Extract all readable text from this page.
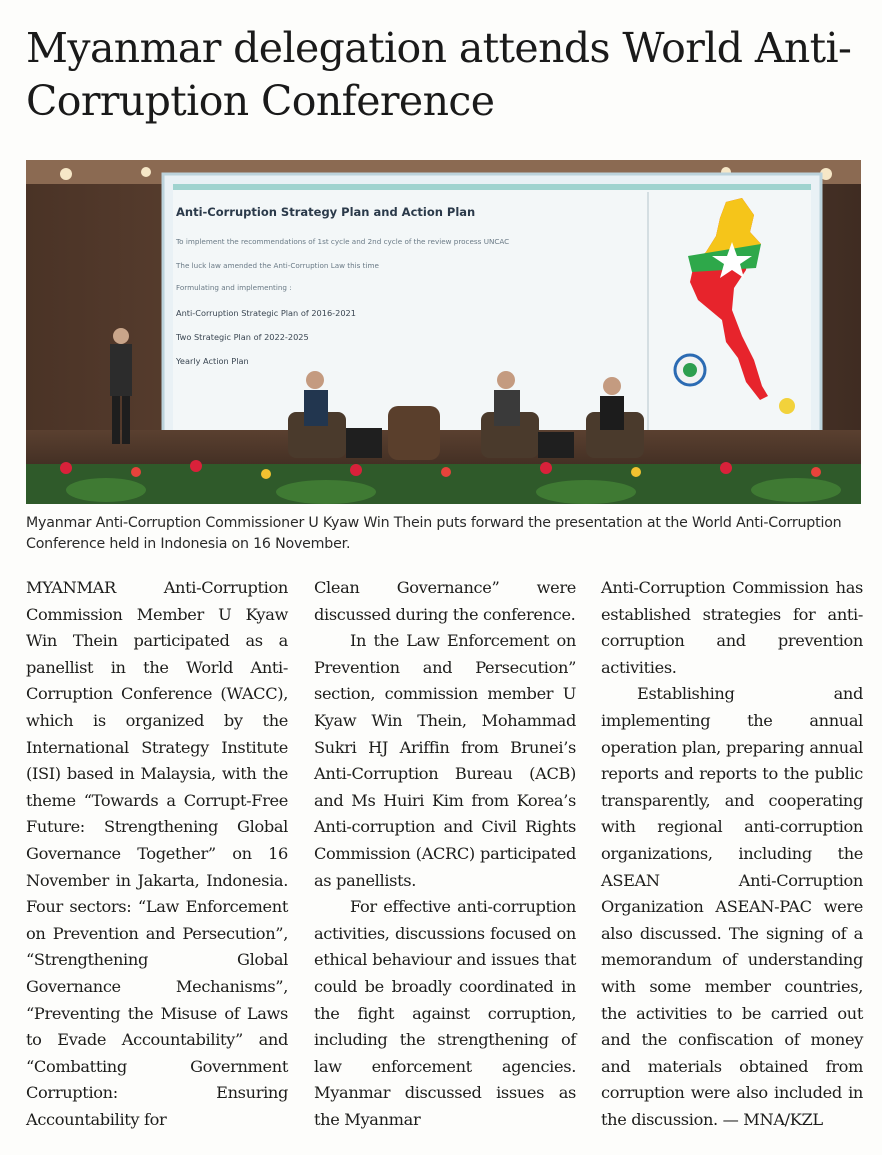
Myanmar delegation attends World Anti-Corruption Conference
Anti-Corruption Strategy Plan and Action Plan
To implement the recommendations of 1st cycle and 2nd cycle of the review process UNCAC
The luck law amended the Anti-Corruption Law this time
Formulating and implementing :
Anti-Corruption Strategic Plan of 2016-2021
Two Strategic Plan of 2022-2025
Yearly Action Plan
Myanmar Anti-Corruption Commissioner U Kyaw Win Thein puts forward the presentation at the World Anti-Corruption Conference held in Indonesia on 16 November.

MYANMAR Anti-Corruption Commission Member U Kyaw Win Thein participated as a panellist in the World Anti-Corruption Conference (WACC), which is organized by the International Strategy Institute (ISI) based in Malaysia, with the theme “Towards a Corrupt-Free Future: Strengthening Global Governance Together” on 16 November in Jakarta, Indonesia. Four sectors: “Law Enforcement on Prevention and Persecution”, “Strengthening Global Governance Mechanisms”, “Preventing the Misuse of Laws to Evade Accountability” and “Combatting Government Corruption: Ensuring Accountability for

Clean Governance” were discussed during the conference.

In the Law Enforcement on Prevention and Persecution” section, commission member U Kyaw Win Thein, Mohammad Sukri HJ Ariffin from Brunei’s Anti-Corruption Bureau (ACB) and Ms Huiri Kim from Korea’s Anti-corruption and Civil Rights Commission (ACRC) participated as panellists.

For effective anti-corruption activities, discussions focused on ethical behaviour and issues that could be broadly coordinated in the fight against corruption, including the strengthening of law enforcement agencies. Myanmar discussed issues as the Myanmar

Anti-Corruption Commission has established strategies for anti-corruption and prevention activities.

Establishing and implementing the annual operation plan, preparing annual reports and reports to the public transparently, and cooperating with regional anti-corruption organizations, including the ASEAN Anti-Corruption Organization ASEAN-PAC were also discussed. The signing of a memorandum of understanding with some member countries, the activities to be carried out and the confiscation of money and materials obtained from corruption were also included in the discussion. — MNA/KZL
